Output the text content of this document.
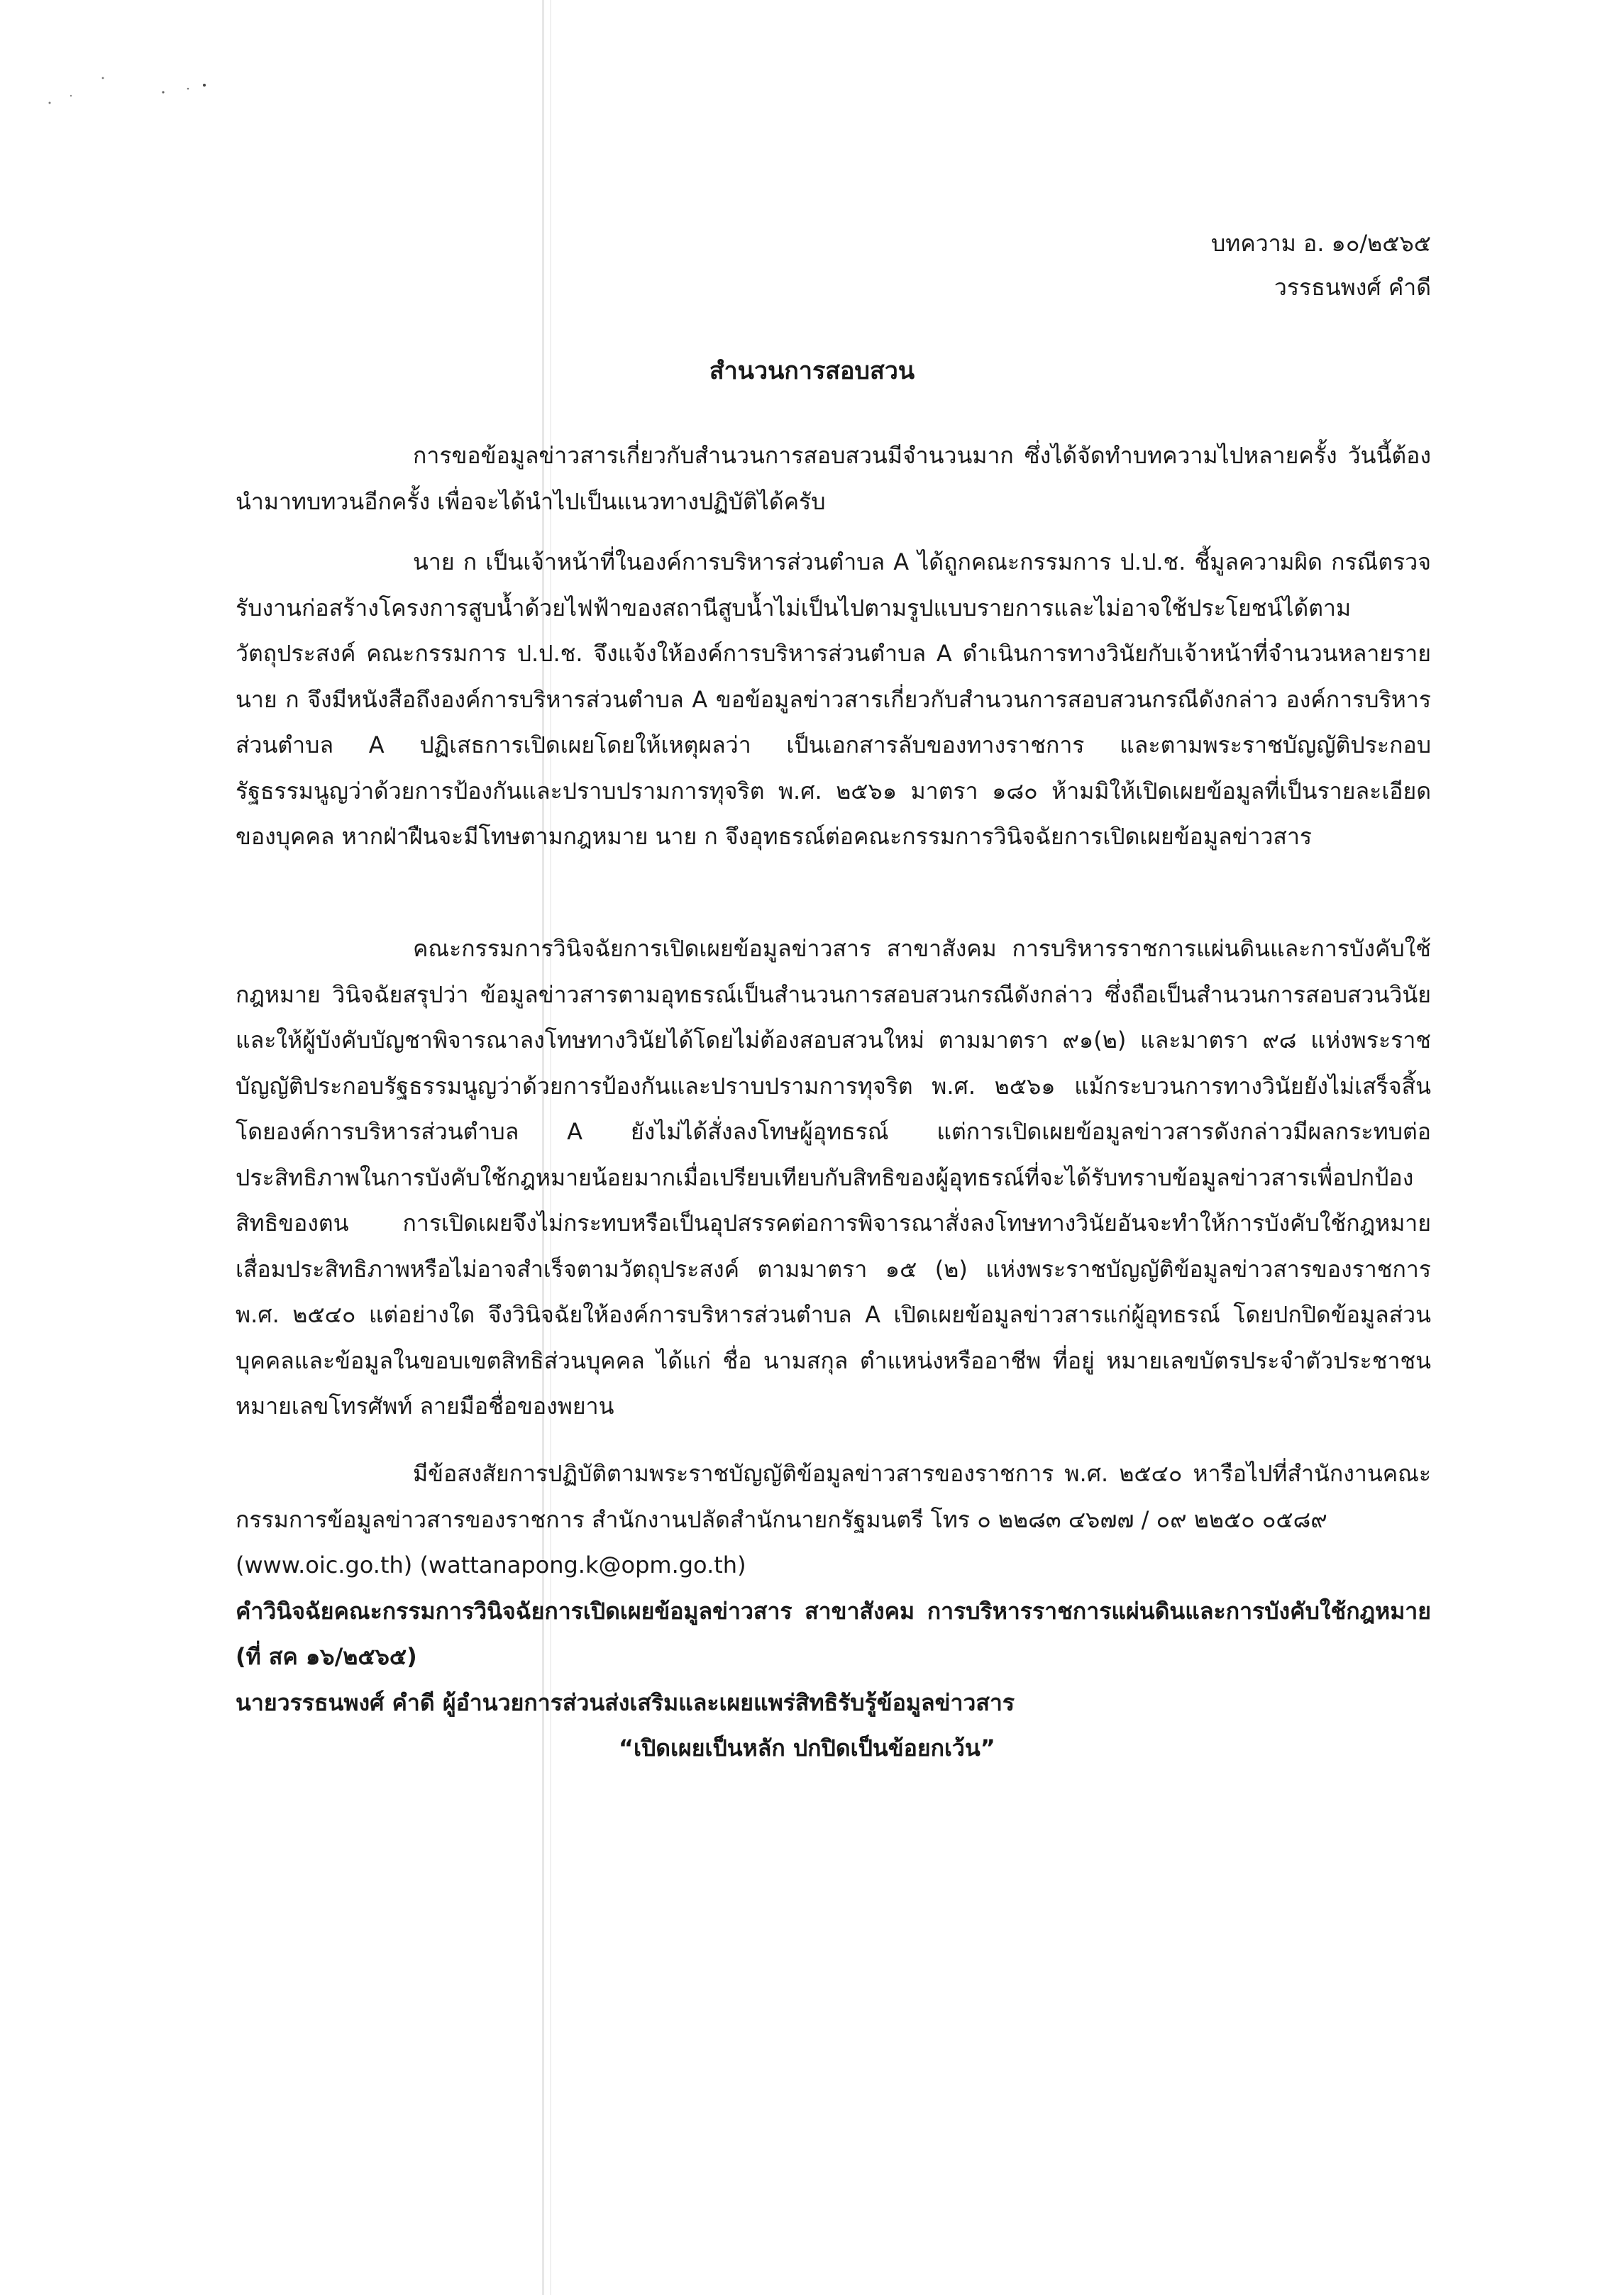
บทความ อ. ๑๐/๒๕๖๕
วรรธนพงศ์ คำดี
สำนวนการสอบสวน

การขอข้อมูลข่าวสารเกี่ยวกับสำนวนการสอบสวนมีจำนวนมาก ซึ่งได้จัดทำบทความไปหลายครั้ง วันนี้ต้องนำมาทบทวนอีกครั้ง เพื่อจะได้นำไปเป็นแนวทางปฏิบัติได้ครับ

นาย ก เป็นเจ้าหน้าที่ในองค์การบริหารส่วนตำบล A ได้ถูกคณะกรรมการ ป.ป.ช. ชี้มูลความผิด กรณีตรวจรับงานก่อสร้างโครงการสูบน้ำด้วยไฟฟ้าของสถานีสูบน้ำไม่เป็นไปตามรูปแบบรายการและไม่อาจใช้ประโยชน์ได้ตามวัตถุประสงค์ คณะกรรมการ ป.ป.ช. จึงแจ้งให้องค์การบริหารส่วนตำบล A ดำเนินการทางวินัยกับเจ้าหน้าที่จำนวนหลายราย นาย ก จึงมีหนังสือถึงองค์การบริหารส่วนตำบล A ขอข้อมูลข่าวสารเกี่ยวกับสำนวนการสอบสวนกรณีดังกล่าว องค์การบริหารส่วนตำบล A ปฏิเสธการเปิดเผยโดยให้เหตุผลว่า เป็นเอกสารลับของทางราชการ และตามพระราชบัญญัติประกอบรัฐธรรมนูญว่าด้วยการป้องกันและปราบปรามการทุจริต พ.ศ. ๒๕๖๑ มาตรา ๑๘๐ ห้ามมิให้เปิดเผยข้อมูลที่เป็นรายละเอียดของบุคคล หากฝ่าฝืนจะมีโทษตามกฎหมาย นาย ก จึงอุทธรณ์ต่อคณะกรรมการวินิจฉัยการเปิดเผยข้อมูลข่าวสาร

คณะกรรมการวินิจฉัยการเปิดเผยข้อมูลข่าวสาร สาขาสังคม การบริหารราชการแผ่นดินและการบังคับใช้กฎหมาย วินิจฉัยสรุปว่า ข้อมูลข่าวสารตามอุทธรณ์เป็นสำนวนการสอบสวนกรณีดังกล่าว ซึ่งถือเป็นสำนวนการสอบสวนวินัยและให้ผู้บังคับบัญชาพิจารณาลงโทษทางวินัยได้โดยไม่ต้องสอบสวนใหม่ ตามมาตรา ๙๑(๒) และมาตรา ๙๘ แห่งพระราชบัญญัติประกอบรัฐธรรมนูญว่าด้วยการป้องกันและปราบปรามการทุจริต พ.ศ. ๒๕๖๑ แม้กระบวนการทางวินัยยังไม่เสร็จสิ้นโดยองค์การบริหารส่วนตำบล A ยังไม่ได้สั่งลงโทษผู้อุทธรณ์ แต่การเปิดเผยข้อมูลข่าวสารดังกล่าวมีผลกระทบต่อประสิทธิภาพในการบังคับใช้กฎหมายน้อยมากเมื่อเปรียบเทียบกับสิทธิของผู้อุทธรณ์ที่จะได้รับทราบข้อมูลข่าวสารเพื่อปกป้องสิทธิของตน การเปิดเผยจึงไม่กระทบหรือเป็นอุปสรรคต่อการพิจารณาสั่งลงโทษทางวินัยอันจะทำให้การบังคับใช้กฎหมายเสื่อมประสิทธิภาพหรือไม่อาจสำเร็จตามวัตถุประสงค์ ตามมาตรา ๑๕ (๒) แห่งพระราชบัญญัติข้อมูลข่าวสารของราชการ พ.ศ. ๒๕๔๐ แต่อย่างใด จึงวินิจฉัยให้องค์การบริหารส่วนตำบล A เปิดเผยข้อมูลข่าวสารแก่ผู้อุทธรณ์ โดยปกปิดข้อมูลส่วนบุคคลและข้อมูลในขอบเขตสิทธิส่วนบุคคล ได้แก่ ชื่อ นามสกุล ตำแหน่งหรืออาชีพ ที่อยู่ หมายเลขบัตรประจำตัวประชาชน หมายเลขโทรศัพท์ ลายมือชื่อของพยาน

มีข้อสงสัยการปฏิบัติตามพระราชบัญญัติข้อมูลข่าวสารของราชการ พ.ศ. ๒๕๔๐ หารือไปที่สำนักงานคณะกรรมการข้อมูลข่าวสารของราชการ สำนักงานปลัดสำนักนายกรัฐมนตรี โทร ๐ ๒๒๘๓ ๔๖๗๗ / ๐๙ ๒๒๕๐ ๐๕๘๙

(www.oic.go.th) (wattanapong.k@opm.go.th)

คำวินิจฉัยคณะกรรมการวินิจฉัยการเปิดเผยข้อมูลข่าวสาร สาขาสังคม การบริหารราชการแผ่นดินและการบังคับใช้กฎหมาย (ที่ สค ๑๖/๒๕๖๕)

นายวรรธนพงศ์ คำดี ผู้อำนวยการส่วนส่งเสริมและเผยแพร่สิทธิรับรู้ข้อมูลข่าวสาร

“เปิดเผยเป็นหลัก ปกปิดเป็นข้อยกเว้น”
